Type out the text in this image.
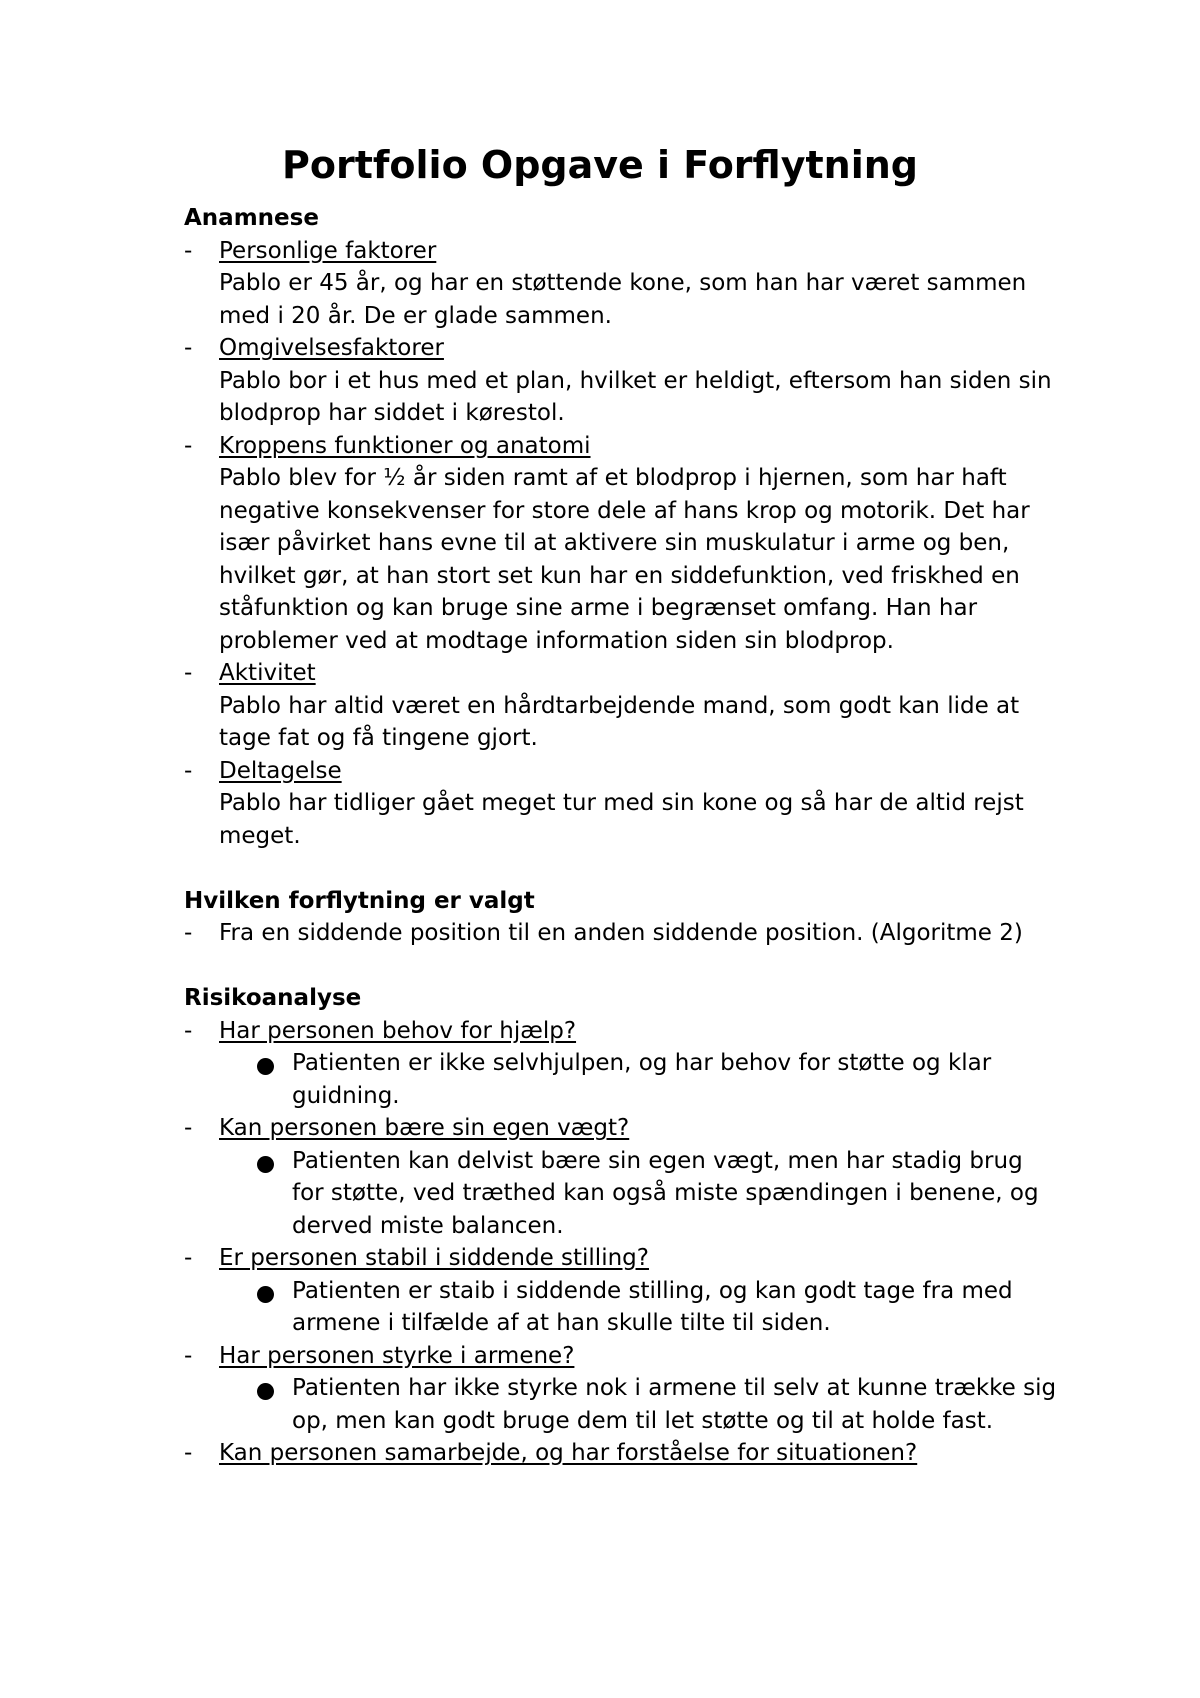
Portfolio Opgave i Forflytning
Anamnese
- Personlige faktorer
Pablo er 45 år, og har en støttende kone, som han har været sammen med i 20 år. De er glade sammen.
- Omgivelsesfaktorer
Pablo bor i et hus med et plan, hvilket er heldigt, eftersom han siden sin blodprop har siddet i kørestol.
- Kroppens funktioner og anatomi
Pablo blev for ½ år siden ramt af et blodprop i hjernen, som har haft negative konsekvenser for store dele af hans krop og motorik. Det har især påvirket hans evne til at aktivere sin muskulatur i arme og ben, hvilket gør, at han stort set kun har en siddefunktion, ved friskhed en ståfunktion og kan bruge sine arme i begrænset omfang. Han har problemer ved at modtage information siden sin blodprop.
- Aktivitet
Pablo har altid været en hårdtarbejdende mand, som godt kan lide at tage fat og få tingene gjort.
- Deltagelse
Pablo har tidliger gået meget tur med sin kone og så har de altid rejst meget.
Hvilken forflytning er valgt
- Fra en siddende position til en anden siddende position. (Algoritme 2)
Risikoanalyse
- Har personen behov for hjælp?
Patienten er ikke selvhjulpen, og har behov for støtte og klar guidning.
- Kan personen bære sin egen vægt?
Patienten kan delvist bære sin egen vægt, men har stadig brug for støtte, ved træthed kan også miste spændingen i benene, og derved miste balancen.
- Er personen stabil i siddende stilling?
Patienten er staib i siddende stilling, og kan godt tage fra med armene i tilfælde af at han skulle tilte til siden.
- Har personen styrke i armene?
Patienten har ikke styrke nok i armene til selv at kunne trække sig op, men kan godt bruge dem til let støtte og til at holde fast.
- Kan personen samarbejde, og har forståelse for situationen?
